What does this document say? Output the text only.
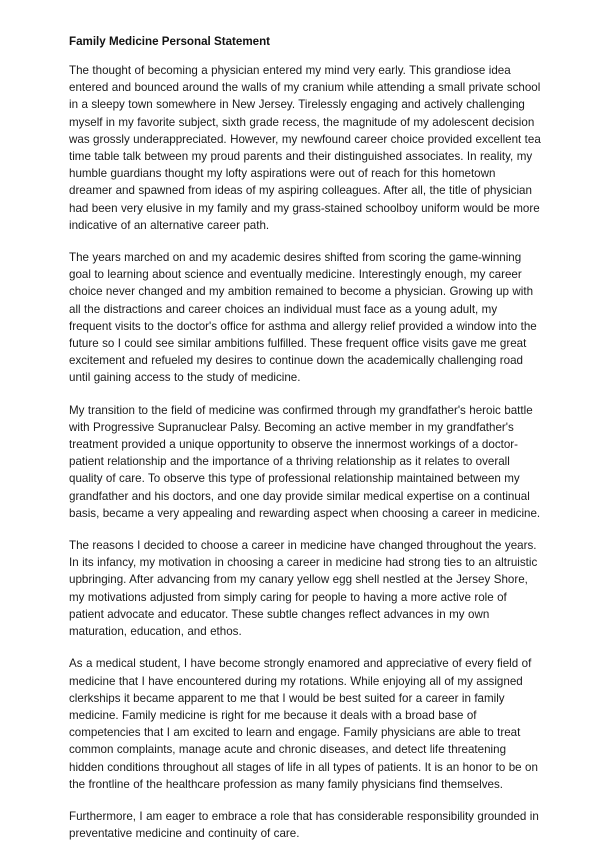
Family Medicine Personal Statement

The thought of becoming a physician entered my mind very early. This grandiose idea entered and bounced around the walls of my cranium while attending a small private school in a sleepy town somewhere in New Jersey. Tirelessly engaging and actively challenging myself in my favorite subject, sixth grade recess, the magnitude of my adolescent decision was grossly underappreciated. However, my newfound career choice provided excellent tea time table talk between my proud parents and their distinguished associates. In reality, my humble guardians thought my lofty aspirations were out of reach for this hometown dreamer and spawned from ideas of my aspiring colleagues. After all, the title of physician had been very elusive in my family and my grass-stained schoolboy uniform would be more indicative of an alternative career path.

The years marched on and my academic desires shifted from scoring the game-winning goal to learning about science and eventually medicine. Interestingly enough, my career choice never changed and my ambition remained to become a physician. Growing up with all the distractions and career choices an individual must face as a young adult, my frequent visits to the doctor's office for asthma and allergy relief provided a window into the future so I could see similar ambitions fulfilled. These frequent office visits gave me great excitement and refueled my desires to continue down the academically challenging road until gaining access to the study of medicine.

My transition to the field of medicine was confirmed through my grandfather's heroic battle with Progressive Supranuclear Palsy. Becoming an active member in my grandfather's treatment provided a unique opportunity to observe the innermost workings of a doctor-patient relationship and the importance of a thriving relationship as it relates to overall quality of care. To observe this type of professional relationship maintained between my grandfather and his doctors, and one day provide similar medical expertise on a continual basis, became a very appealing and rewarding aspect when choosing a career in medicine.

The reasons I decided to choose a career in medicine have changed throughout the years. In its infancy, my motivation in choosing a career in medicine had strong ties to an altruistic upbringing. After advancing from my canary yellow egg shell nestled at the Jersey Shore, my motivations adjusted from simply caring for people to having a more active role of patient advocate and educator. These subtle changes reflect advances in my own maturation, education, and ethos.

As a medical student, I have become strongly enamored and appreciative of every field of medicine that I have encountered during my rotations. While enjoying all of my assigned clerkships it became apparent to me that I would be best suited for a career in family medicine. Family medicine is right for me because it deals with a broad base of competencies that I am excited to learn and engage. Family physicians are able to treat common complaints, manage acute and chronic diseases, and detect life threatening hidden conditions throughout all stages of life in all types of patients. It is an honor to be on the frontline of the healthcare profession as many family physicians find themselves.

Furthermore, I am eager to embrace a role that has considerable responsibility grounded in preventative medicine and continuity of care.
